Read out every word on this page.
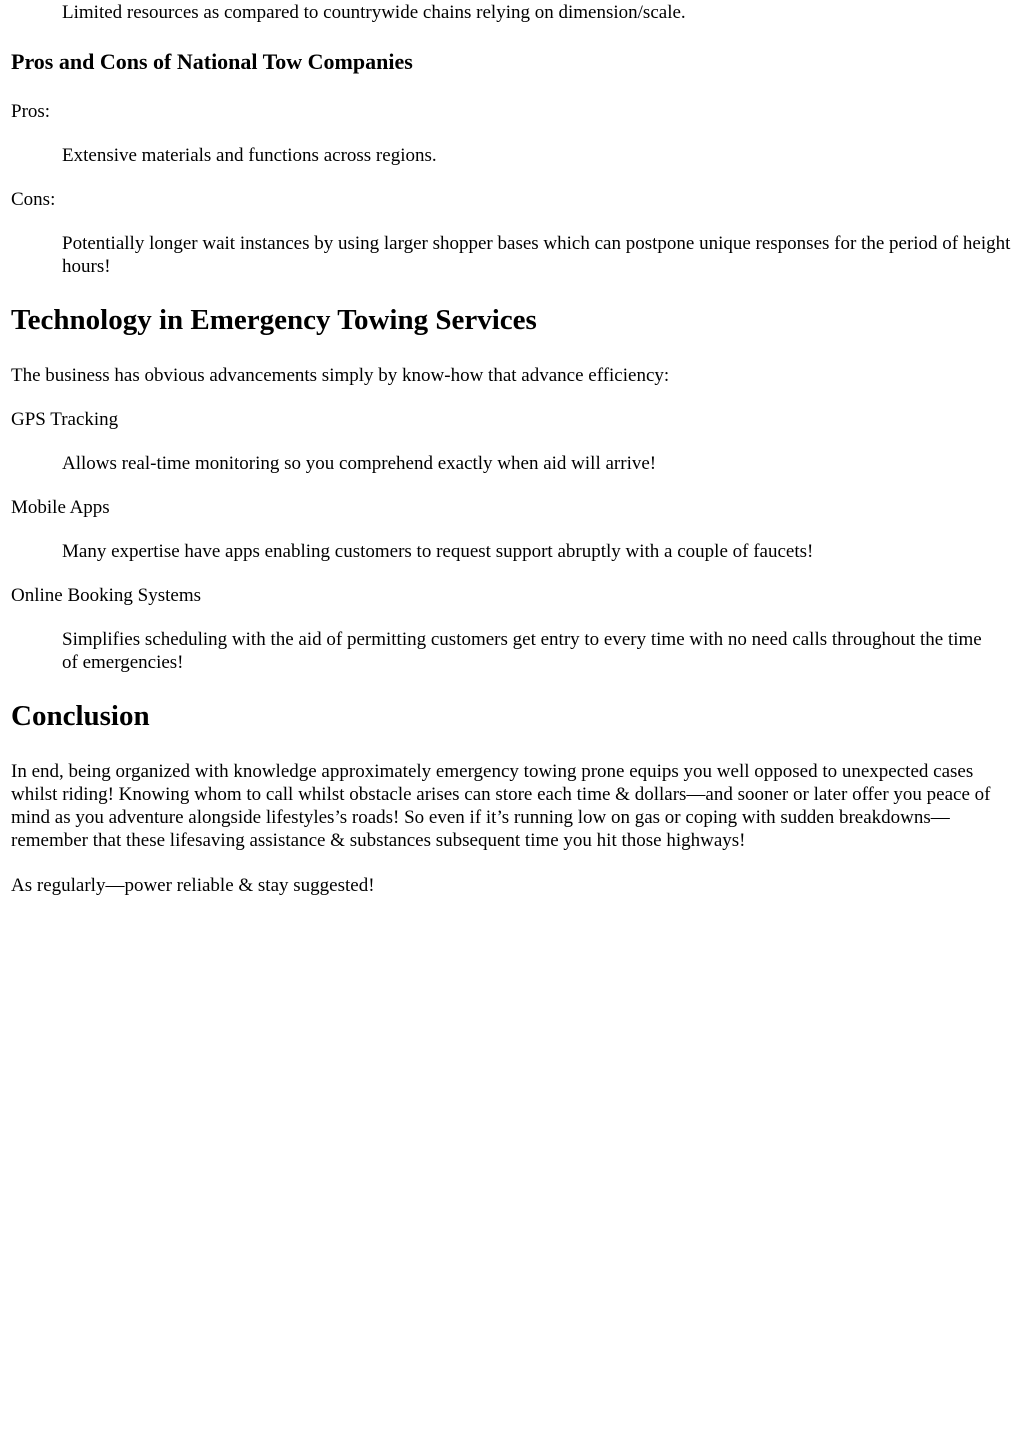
Limited resources as compared to countrywide chains relying on dimension/scale.

Pros and Cons of National Tow Companies

Pros:

Extensive materials and functions across regions.

Cons:

Potentially longer wait instances by using larger shopper bases which can postpone unique responses for the period of height hours!

Technology in Emergency Towing Services

The business has obvious advancements simply by know-how that advance efficiency:

GPS Tracking

Allows real-time monitoring so you comprehend exactly when aid will arrive!

Mobile Apps

Many expertise have apps enabling customers to request support abruptly with a couple of faucets!

Online Booking Systems

Simplifies scheduling with the aid of permitting customers get entry to every time with no need calls throughout the time of emergencies!

Conclusion

In end, being organized with knowledge approximately emergency towing prone equips you well opposed to unexpected cases whilst riding! Knowing whom to call whilst obstacle arises can store each time & dollars—and sooner or later offer you peace of mind as you adventure alongside lifestyles’s roads! So even if it’s running low on gas or coping with sudden breakdowns—remember that these lifesaving assistance & substances subsequent time you hit those highways!

As regularly—power reliable & stay suggested!
